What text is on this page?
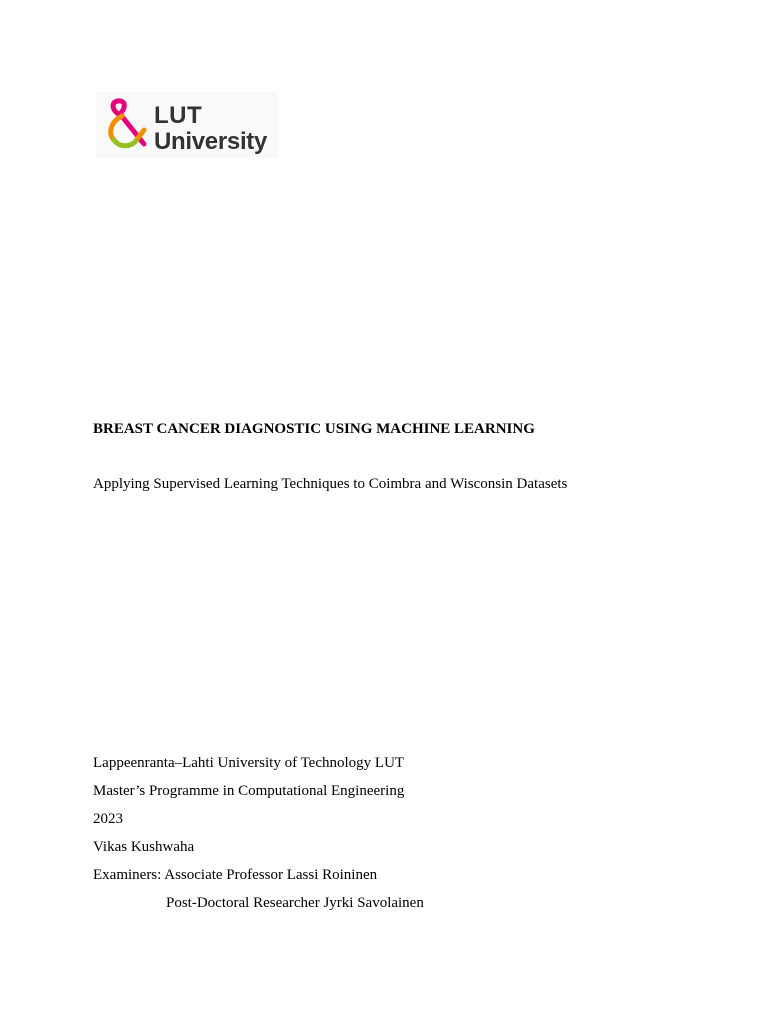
LUT
University
BREAST CANCER DIAGNOSTIC USING MACHINE LEARNING
Applying Supervised Learning Techniques to Coimbra and Wisconsin Datasets
Lappeenranta–Lahti University of Technology LUT
Master’s Programme in Computational Engineering
2023
Vikas Kushwaha
Examiners: Associate Professor Lassi Roininen
Post-Doctoral Researcher Jyrki Savolainen
